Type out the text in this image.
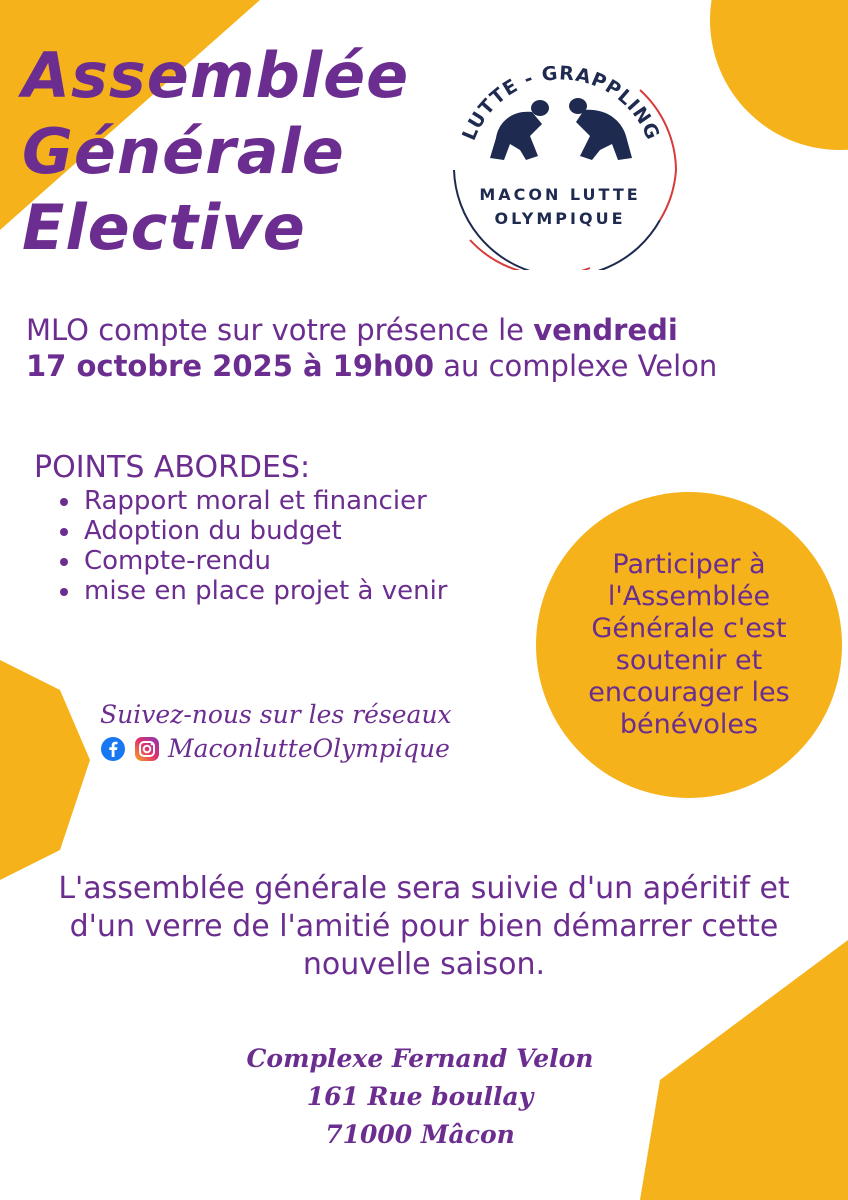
Assemblée
Générale
Elective
LUTTE - GRAPPLING
MACON LUTTE
OLYMPIQUE
MLO compte sur votre présence le vendredi
17 octobre 2025 à 19h00 au complexe Velon
POINTS ABORDES:
• Rapport moral et financier
• Adoption du budget
• Compte-rendu
• mise en place projet à venir
Participer à l'Assemblée Générale c'est soutenir et encourager les bénévoles
Suivez-nous sur les réseaux
MaconlutteOlympique
L'assemblée générale sera suivie d'un apéritif et d'un verre de l'amitié pour bien démarrer cette nouvelle saison.
Complexe Fernand Velon
161 Rue boullay
71000 Mâcon
